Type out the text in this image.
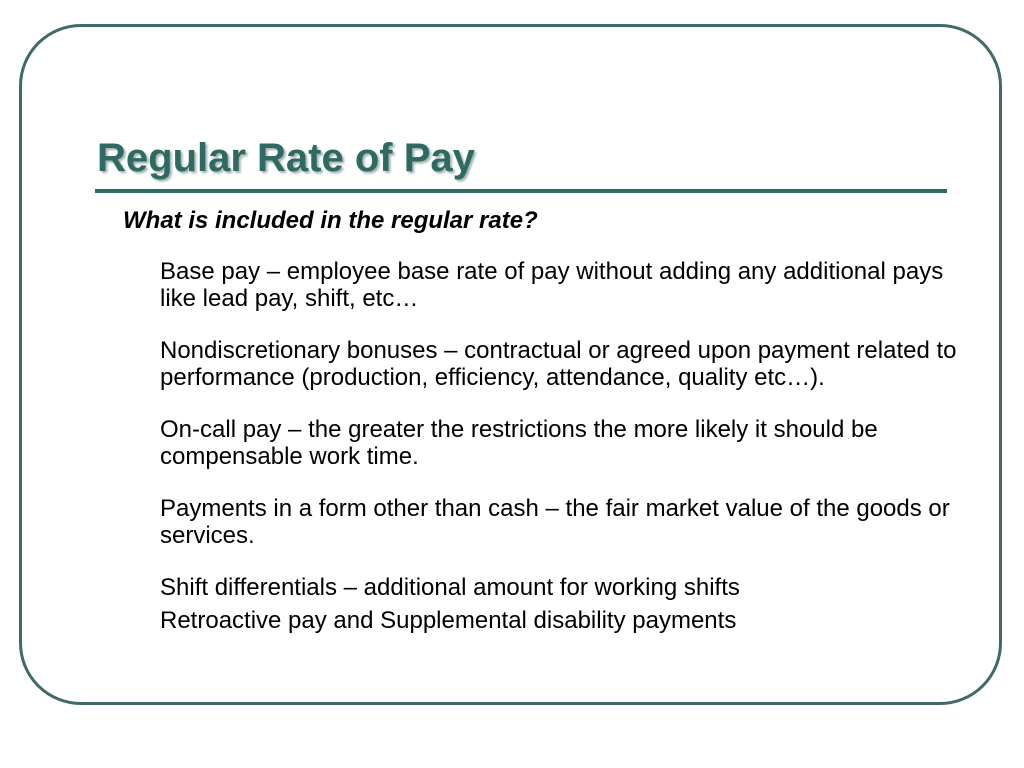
Regular Rate of Pay

What is included in the regular rate?

Base pay – employee base rate of pay without adding any additional pays like lead pay, shift, etc…
Nondiscretionary bonuses – contractual or agreed upon payment related to performance (production, efficiency, attendance, quality etc…).
On-call pay – the greater the restrictions the more likely it should be compensable work time.
Payments in a form other than cash – the fair market value of the goods or services.
Shift differentials – additional amount for working shifts
Retroactive pay and Supplemental disability payments
